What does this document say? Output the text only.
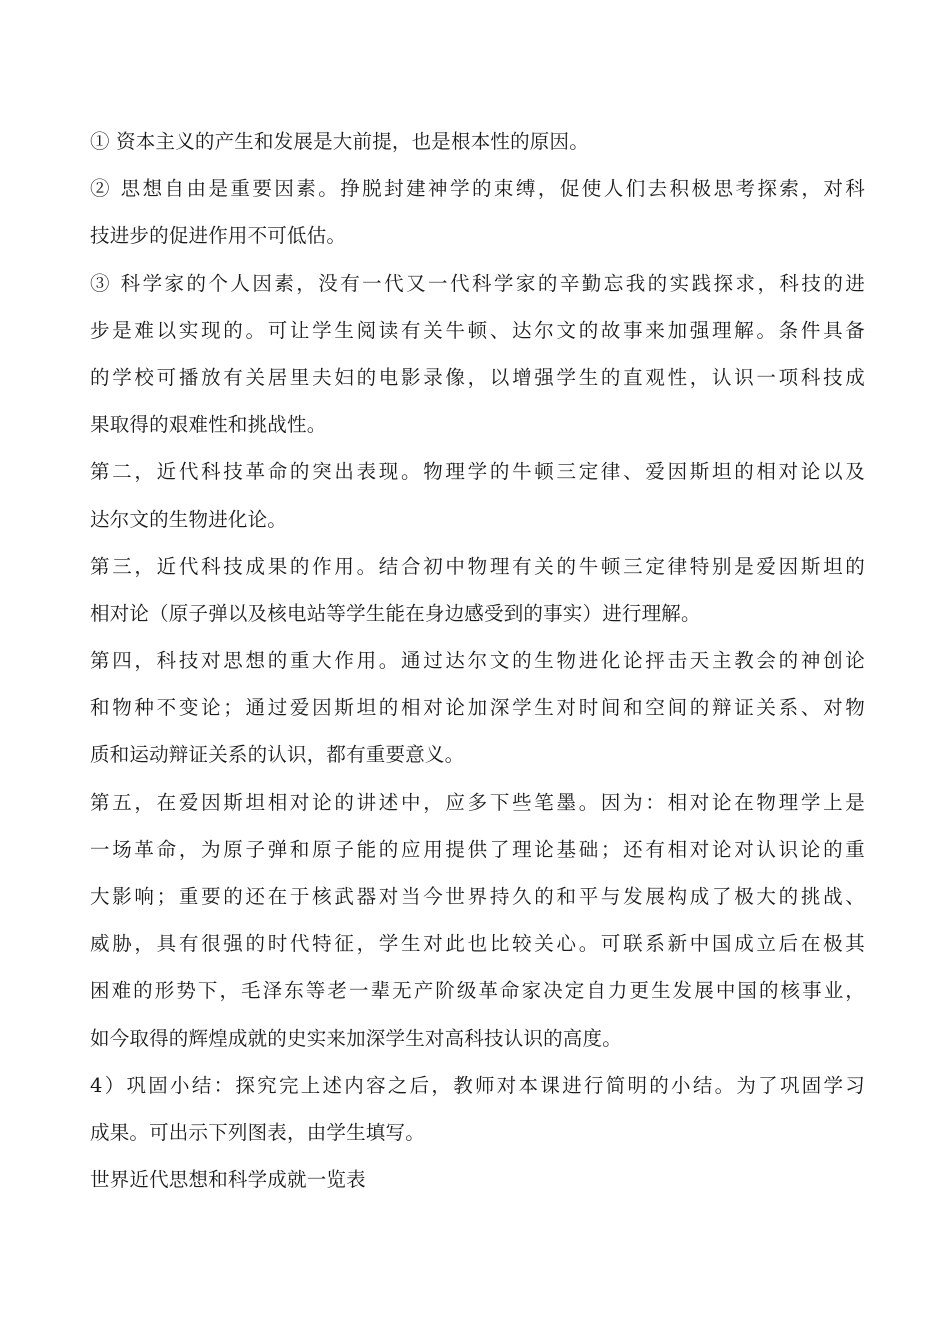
① 资本主义的产生和发展是大前提，也是根本性的原因。
② 思想自由是重要因素。挣脱封建神学的束缚，促使人们去积极思考探索，对科
技进步的促进作用不可低估。
③ 科学家的个人因素，没有一代又一代科学家的辛勤忘我的实践探求，科技的进
步是难以实现的。可让学生阅读有关牛顿、达尔文的故事来加强理解。条件具备
的学校可播放有关居里夫妇的电影录像，以增强学生的直观性，认识一项科技成
果取得的艰难性和挑战性。
第二，近代科技革命的突出表现。物理学的牛顿三定律、爱因斯坦的相对论以及
达尔文的生物进化论。
第三，近代科技成果的作用。结合初中物理有关的牛顿三定律特别是爱因斯坦的
相对论（原子弹以及核电站等学生能在身边感受到的事实）进行理解。
第四，科技对思想的重大作用。通过达尔文的生物进化论抨击天主教会的神创论
和物种不变论；通过爱因斯坦的相对论加深学生对时间和空间的辩证关系、对物
质和运动辩证关系的认识，都有重要意义。
第五，在爱因斯坦相对论的讲述中，应多下些笔墨。因为：相对论在物理学上是
一场革命，为原子弹和原子能的应用提供了理论基础；还有相对论对认识论的重
大影响；重要的还在于核武器对当今世界持久的和平与发展构成了极大的挑战、
威胁，具有很强的时代特征，学生对此也比较关心。可联系新中国成立后在极其
困难的形势下，毛泽东等老一辈无产阶级革命家决定自力更生发展中国的核事业，
如今取得的辉煌成就的史实来加深学生对高科技认识的高度。
4）巩固小结：探究完上述内容之后，教师对本课进行简明的小结。为了巩固学习
成果。可出示下列图表，由学生填写。
世界近代思想和科学成就一览表
